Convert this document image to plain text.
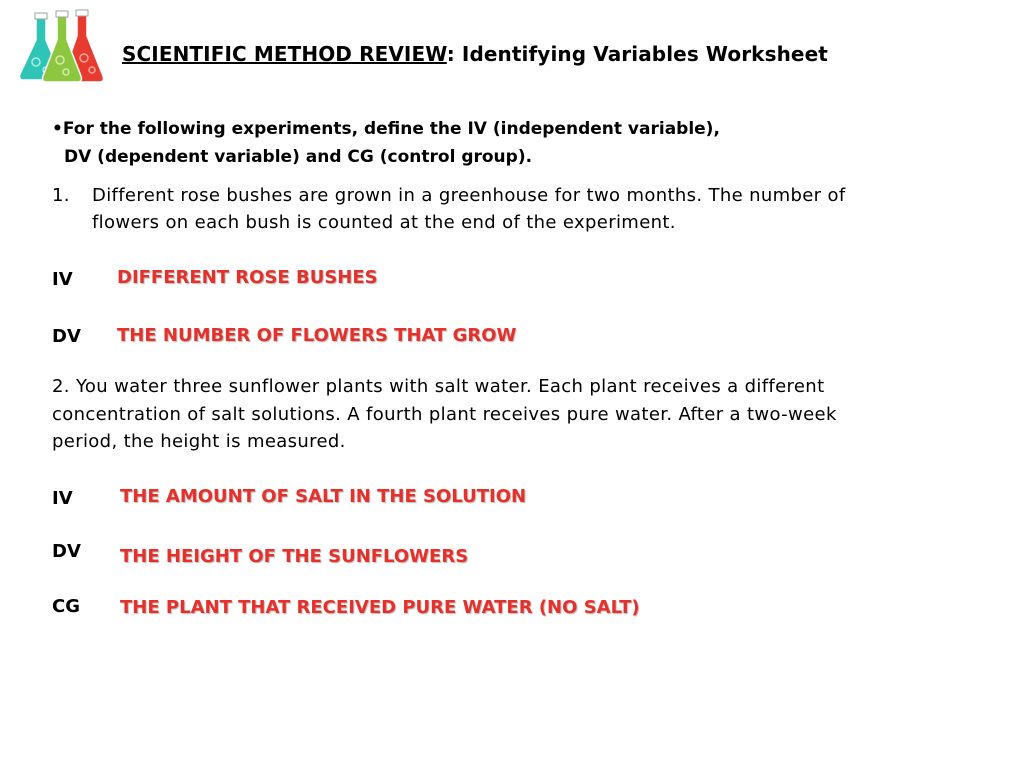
SCIENTIFIC METHOD REVIEW: Identifying Variables Worksheet
•For the following experiments, define the IV (independent variable),
DV (dependent variable) and CG (control group).
1. Different rose bushes are grown in a greenhouse for two months. The number of
flowers on each bush is counted at the end of the experiment.
IV DIFFERENT ROSE BUSHES
DV THE NUMBER OF FLOWERS THAT GROW
2. You water three sunflower plants with salt water. Each plant receives a different
concentration of salt solutions. A fourth plant receives pure water. After a two-week
period, the height is measured.
IV	THE AMOUNT OF SALT IN THE SOLUTION
DV THE HEIGHT OF THE SUNFLOWERS
CG THE PLANT THAT RECEIVED PURE WATER (NO SALT)
